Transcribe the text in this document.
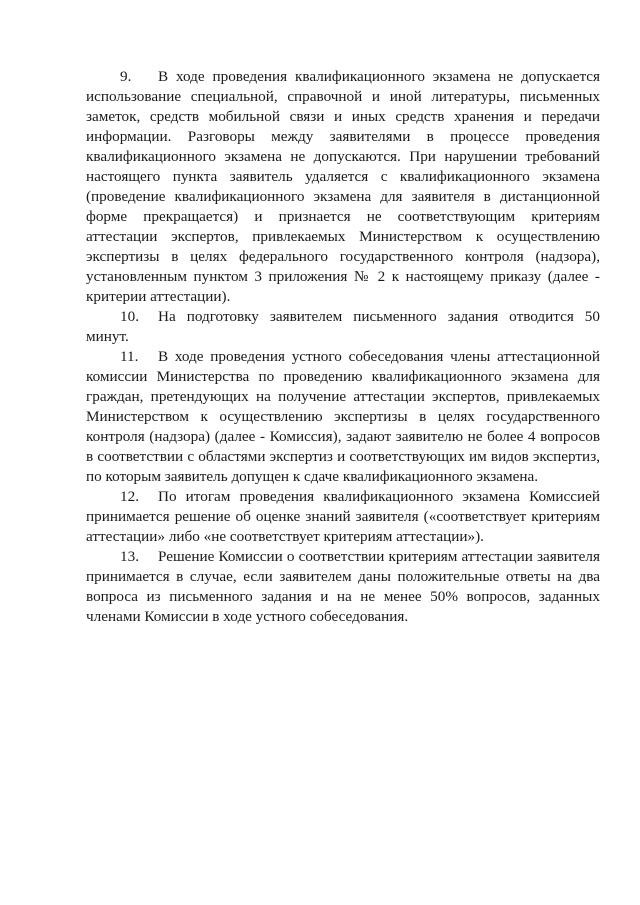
9. В ходе проведения квалификационного экзамена не допускается использование специальной, справочной и иной литературы, письменных заметок, средств мобильной связи и иных средств хранения и передачи информации. Разговоры между заявителями в процессе проведения квалификационного экзамена не допускаются. При нарушении требований настоящего пункта заявитель удаляется с квалификационного экзамена (проведение квалификационного экзамена для заявителя в дистанционной форме прекращается) и признается не соответствующим критериям аттестации экспертов, привлекаемых Министерством к осуществлению экспертизы в целях федерального государственного контроля (надзора), установленным пунктом 3 приложения № 2 к настоящему приказу (далее - критерии аттестации).

10. На подготовку заявителем письменного задания отводится 50 минут.

11. В ходе проведения устного собеседования члены аттестационной комиссии Министерства по проведению квалификационного экзамена для граждан, претендующих на получение аттестации экспертов, привлекаемых Министерством к осуществлению экспертизы в целях государственного контроля (надзора) (далее - Комиссия), задают заявителю не более 4 вопросов в соответствии с областями экспертиз и соответствующих им видов экспертиз, по которым заявитель допущен к сдаче квалификационного экзамена.

12. По итогам проведения квалификационного экзамена Комиссией принимается решение об оценке знаний заявителя («соответствует критериям аттестации» либо «не соответствует критериям аттестации»).

13. Решение Комиссии о соответствии критериям аттестации заявителя принимается в случае, если заявителем даны положительные ответы на два вопроса из письменного задания и на не менее 50% вопросов, заданных членами Комиссии в ходе устного собеседования.
